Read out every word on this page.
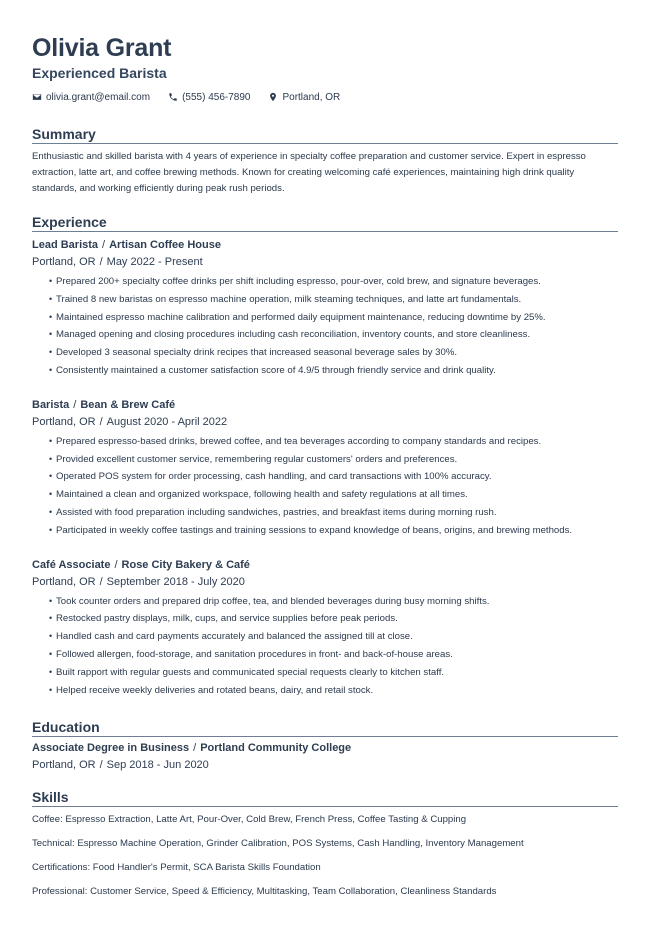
Olivia Grant
Experienced Barista
olivia.grant@email.com	(555) 456-7890	Portland, OR
Summary

Enthusiastic and skilled barista with 4 years of experience in specialty coffee preparation and customer service. Expert in espresso extraction, latte art, and coffee brewing methods. Known for creating welcoming café experiences, maintaining high drink quality standards, and working efficiently during peak rush periods.

Experience
Lead Barista / Artisan Coffee House
Portland, OR / May 2022 - Present
• Prepared 200+ specialty coffee drinks per shift including espresso, pour-over, cold brew, and signature beverages.
• Trained 8 new baristas on espresso machine operation, milk steaming techniques, and latte art fundamentals.
• Maintained espresso machine calibration and performed daily equipment maintenance, reducing downtime by 25%.
• Managed opening and closing procedures including cash reconciliation, inventory counts, and store cleanliness.
• Developed 3 seasonal specialty drink recipes that increased seasonal beverage sales by 30%.
• Consistently maintained a customer satisfaction score of 4.9/5 through friendly service and drink quality.
Barista / Bean & Brew Café
Portland, OR / August 2020 - April 2022
• Prepared espresso-based drinks, brewed coffee, and tea beverages according to company standards and recipes.
• Provided excellent customer service, remembering regular customers' orders and preferences.
• Operated POS system for order processing, cash handling, and card transactions with 100% accuracy.
• Maintained a clean and organized workspace, following health and safety regulations at all times.
• Assisted with food preparation including sandwiches, pastries, and breakfast items during morning rush.
• Participated in weekly coffee tastings and training sessions to expand knowledge of beans, origins, and brewing methods.
Café Associate / Rose City Bakery & Café
Portland, OR / September 2018 - July 2020
• Took counter orders and prepared drip coffee, tea, and blended beverages during busy morning shifts.
• Restocked pastry displays, milk, cups, and service supplies before peak periods.
• Handled cash and card payments accurately and balanced the assigned till at close.
• Followed allergen, food-storage, and sanitation procedures in front- and back-of-house areas.
• Built rapport with regular guests and communicated special requests clearly to kitchen staff.
• Helped receive weekly deliveries and rotated beans, dairy, and retail stock.
Education
Associate Degree in Business / Portland Community College
Portland, OR / Sep 2018 - Jun 2020
Skills
Coffee: Espresso Extraction, Latte Art, Pour-Over, Cold Brew, French Press, Coffee Tasting & Cupping
Technical: Espresso Machine Operation, Grinder Calibration, POS Systems, Cash Handling, Inventory Management
Certifications: Food Handler's Permit, SCA Barista Skills Foundation
Professional: Customer Service, Speed & Efficiency, Multitasking, Team Collaboration, Cleanliness Standards
